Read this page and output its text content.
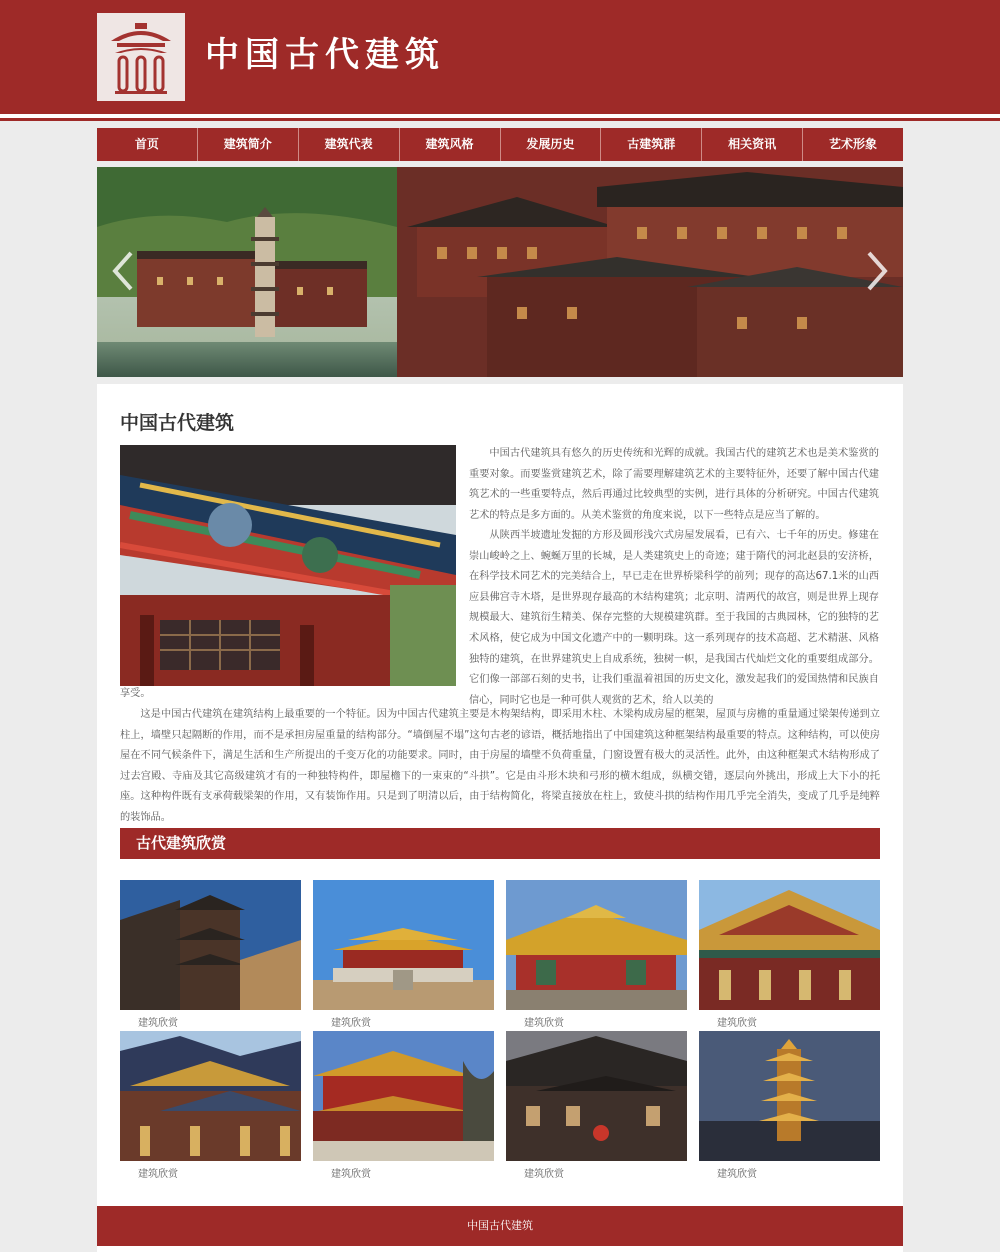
中国古代建筑
首页	建筑简介	建筑代表	建筑风格	发展历史	古建筑群	相关资讯	艺术形象
中国古代建筑
中国古代建筑具有悠久的历史传统和光辉的成就。我国古代的建筑艺术也是美术鉴赏的重要对象。而要鉴赏建筑艺术，除了需要理解建筑艺术的主要特征外，还要了解中国古代建筑艺术的一些重要特点，然后再通过比较典型的实例，进行具体的分析研究。中国古代建筑艺术的特点是多方面的。从美术鉴赏的角度来说，以下一些特点是应当了解的。
从陕西半坡遗址发掘的方形及圆形浅穴式房屋发展看，已有六、七千年的历史。修建在崇山峻岭之上、蜿蜒万里的长城，是人类建筑史上的奇迹；建于隋代的河北赵县的安济桥，在科学技术同艺术的完美结合上，早已走在世界桥梁科学的前列；现存的高达67.1米的山西应县佛宫寺木塔，是世界现存最高的木结构建筑；北京明、清两代的故宫，则是世界上现存规模最大、建筑衍生精美、保存完整的大规模建筑群。至于我国的古典园林，它的独特的艺术风格，使它成为中国文化遗产中的一颗明珠。这一系列现存的技术高超、艺术精湛、风格独特的建筑，在世界建筑史上自成系统，独树一帜，是我国古代灿烂文化的重要组成部分。它们像一部部石刻的史书，让我们重温着祖国的历史文化，激发起我们的爱国热情和民族自信心，同时它也是一种可供人观赏的艺术，给人以美的
享受。
这是中国古代建筑在建筑结构上最重要的一个特征。因为中国古代建筑主要是木构架结构，即采用木柱、木梁构成房屋的框架，屋顶与房檐的重量通过梁架传递到立柱上，墙壁只起隔断的作用，而不是承担房屋重量的结构部分。“墙倒屋不塌”这句古老的谚语，概括地指出了中国建筑这种框架结构最重要的特点。这种结构，可以使房屋在不同气候条件下，满足生活和生产所提出的千变万化的功能要求。同时，由于房屋的墙壁不负荷重量，门窗设置有极大的灵活性。此外，由这种框架式木结构形成了过去宫殿、寺庙及其它高级建筑才有的一种独特构件，即屋檐下的一束束的“斗拱”。它是由斗形木块和弓形的横木组成，纵横交错，逐层向外挑出，形成上大下小的托座。这种构件既有支承荷载梁架的作用，又有装饰作用。只是到了明清以后，由于结构简化，将梁直接放在柱上，致使斗拱的结构作用几乎完全消失，变成了几乎是纯粹的装饰品。
古代建筑欣赏
建筑欣赏	建筑欣赏	建筑欣赏	建筑欣赏
建筑欣赏	建筑欣赏	建筑欣赏	建筑欣赏
中国古代建筑
